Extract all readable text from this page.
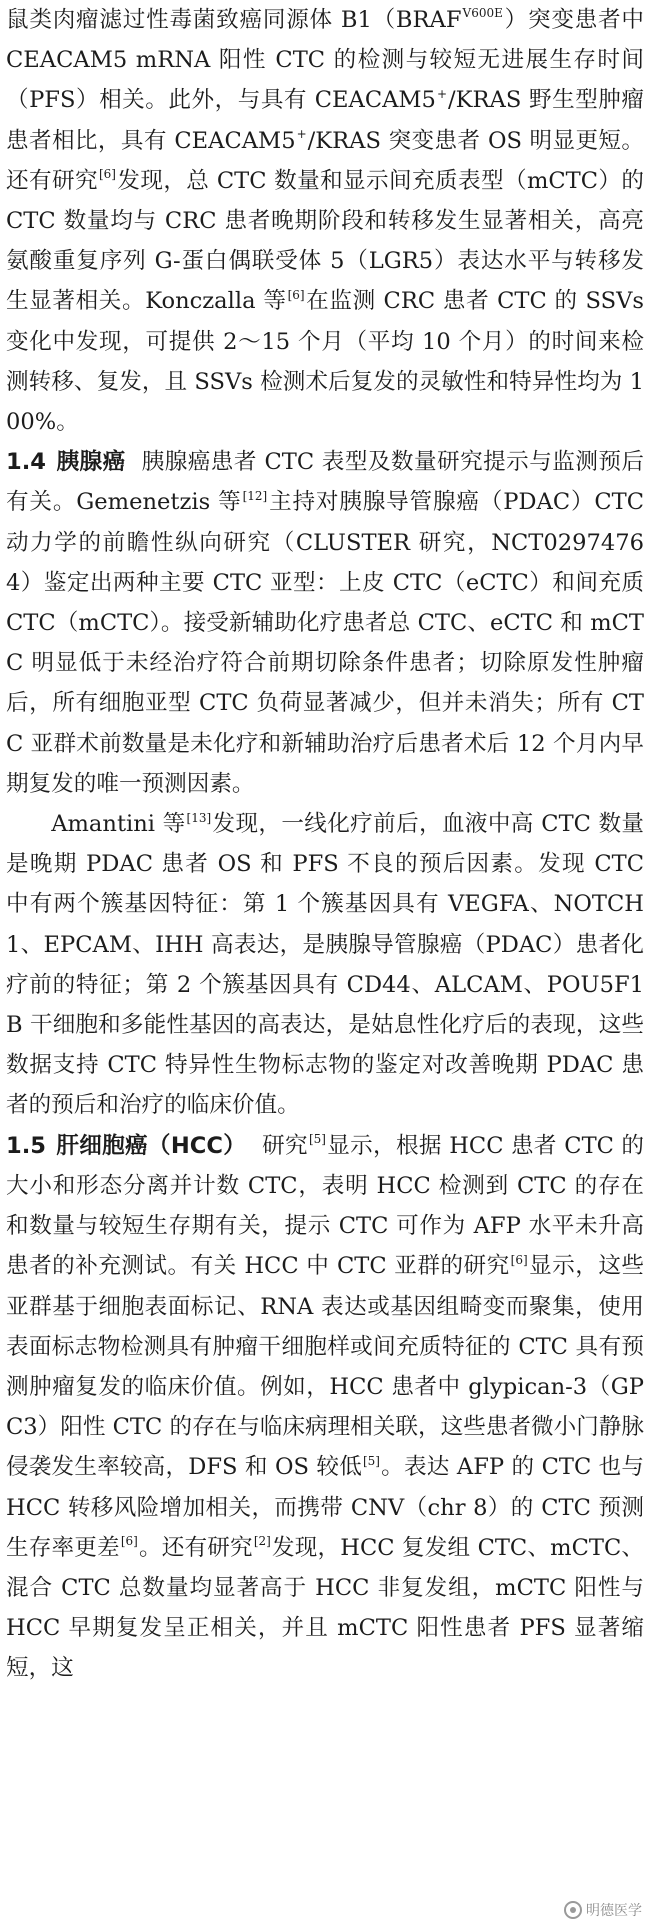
鼠类肉瘤滤过性毒菌致癌同源体 $B1(BRAF^{V600E})$突变患者中 CEACAM5 mRNA 阳性 CTC 的检测与较短无进展生存时间（PFS）相关。此外，与具有 CEACAM5+/KRAS 野生型肿瘤患者相比，具有 CEACAM5+/KRAS 突变患者 OS 明显更短。还有研究[6]发现，总 CTC 数量和显示间充质表型（mCTC）的 CTC 数量均与 CRC 患者晚期阶段和转移发生显著相关，高亮氨酸重复序列 G-蛋白偶联受体 5（LGR5）表达水平与转移发生显著相关。Konczalla 等[6]在监测 CRC 患者 CTC 的 SSVs 变化中发现，可提供 2～15 个月（平均 10 个月）的时间来检测转移、复发，且 SSVs 检测术后复发的灵敏性和特异性均为 100%。

1.4 胰腺癌 胰腺癌患者 CTC 表型及数量研究提示与监测预后有关。Gemenetzis 等[12]主持对胰腺导管腺癌（PDAC）CTC 动力学的前瞻性纵向研究（CLUSTER 研究，NCT02974764）鉴定出两种主要 CTC 亚型：上皮 CTC（eCTC）和间充质 CTC（mCTC）。接受新辅助化疗患者总 CTC、eCTC 和 mCTC 明显低于未经治疗符合前期切除条件患者；切除原发性肿瘤后，所有细胞亚型 CTC 负荷显著减少，但并未消失；所有 CTC 亚群术前数量是未化疗和新辅助治疗后患者术后 12 个月内早期复发的唯一预测因素。

Amantini 等[13]发现，一线化疗前后，血液中高 CTC 数量是晚期 PDAC 患者 OS 和 PFS 不良的预后因素。发现 CTC 中有两个簇基因特征：第 1 个簇基因具有 VEGFA、NOTCH1、EPCAM、IHH 高表达，是胰腺导管腺癌（PDAC）患者化疗前的特征；第 2 个簇基因具有 CD44、ALCAM、POU5F1B 干细胞和多能性基因的高表达，是姑息性化疗后的表现，这些数据支持 CTC 特异性生物标志物的鉴定对改善晚期 PDAC 患者的预后和治疗的临床价值。

1.5 肝细胞癌（HCC） 研究[5]显示，根据 HCC 患者 CTC 的大小和形态分离并计数 CTC，表明 HCC 检测到 CTC 的存在和数量与较短生存期有关，提示 CTC 可作为 AFP 水平未升高患者的补充测试。有关 HCC 中 CTC 亚群的研究[6]显示，这些亚群基于细胞表面标记、RNA 表达或基因组畸变而聚集，使用表面标志物检测具有肿瘤干细胞样或间充质特征的 CTC 具有预测肿瘤复发的临床价值。例如，HCC 患者中 glypican-3（GPC3）阳性 CTC 的存在与临床病理相关联，这些患者微小门静脉侵袭发生率较高，DFS 和 OS 较低[5]。表达 AFP 的 CTC 也与 HCC 转移风险增加相关，而携带 CNV（chr 8）的 CTC 预测生存率更差[6]。还有研究[2]发现，HCC 复发组 CTC、mCTC、混合 CTC 总数量均显著高于 HCC 非复发组，mCTC 阳性与 HCC 早期复发呈正相关，并且 mCTC 阳性患者 PFS 显著缩短，这

明德医学
